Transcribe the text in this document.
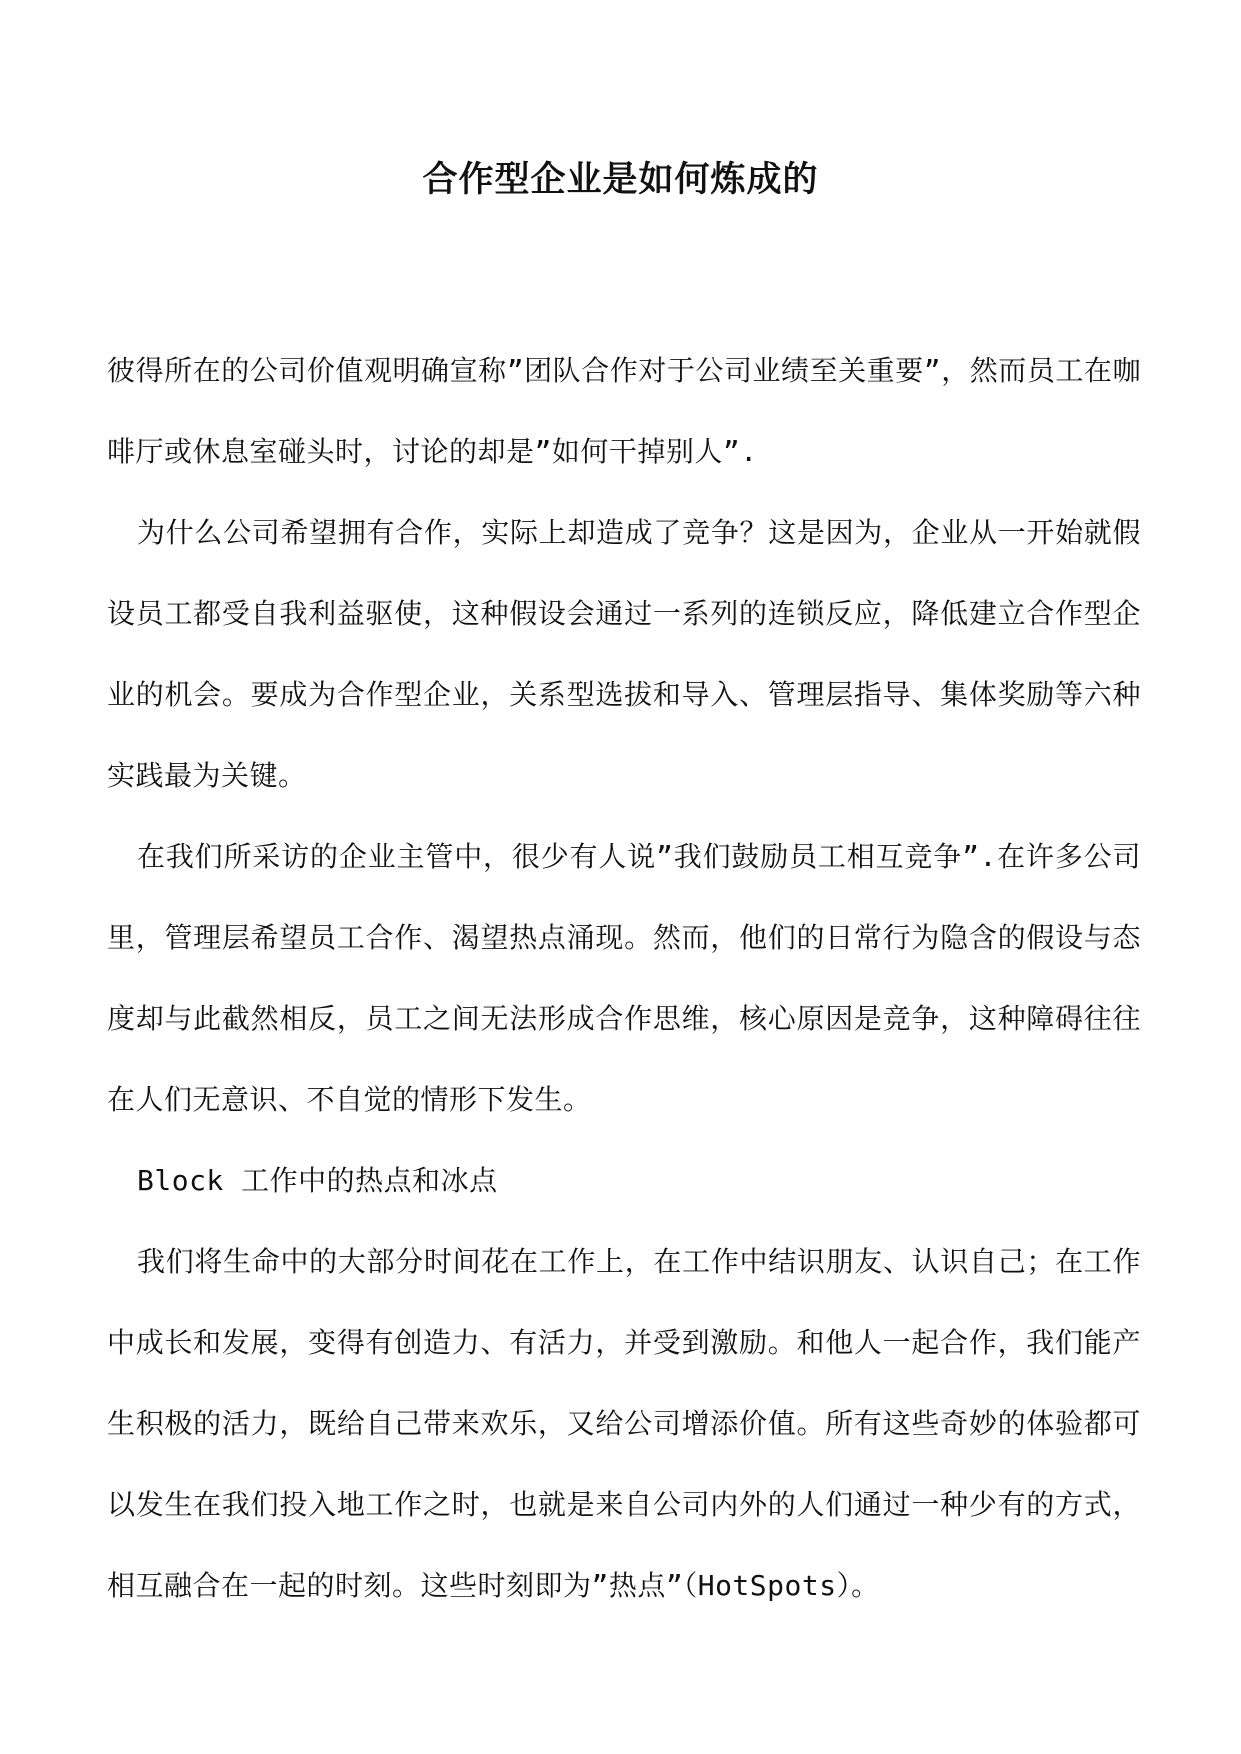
合作型企业是如何炼成的

彼得所在的公司价值观明确宣称”团队合作对于公司业绩至关重要”，然而员工在咖啡厅或休息室碰头时，讨论的却是”如何干掉别人”.

为什么公司希望拥有合作，实际上却造成了竞争？这是因为，企业从一开始就假设员工都受自我利益驱使，这种假设会通过一系列的连锁反应，降低建立合作型企业的机会。要成为合作型企业，关系型选拔和导入、管理层指导、集体奖励等六种实践最为关键。

在我们所采访的企业主管中，很少有人说”我们鼓励员工相互竞争”.在许多公司里，管理层希望员工合作、渴望热点涌现。然而，他们的日常行为隐含的假设与态度却与此截然相反，员工之间无法形成合作思维，核心原因是竞争，这种障碍往往在人们无意识、不自觉的情形下发生。

Block 工作中的热点和冰点

我们将生命中的大部分时间花在工作上，在工作中结识朋友、认识自己；在工作中成长和发展，变得有创造力、有活力，并受到激励。和他人一起合作，我们能产生积极的活力，既给自己带来欢乐，又给公司增添价值。所有这些奇妙的体验都可以发生在我们投入地工作之时，也就是来自公司内外的人们通过一种少有的方式，相互融合在一起的时刻。这些时刻即为”热点”（HotSpots）。
